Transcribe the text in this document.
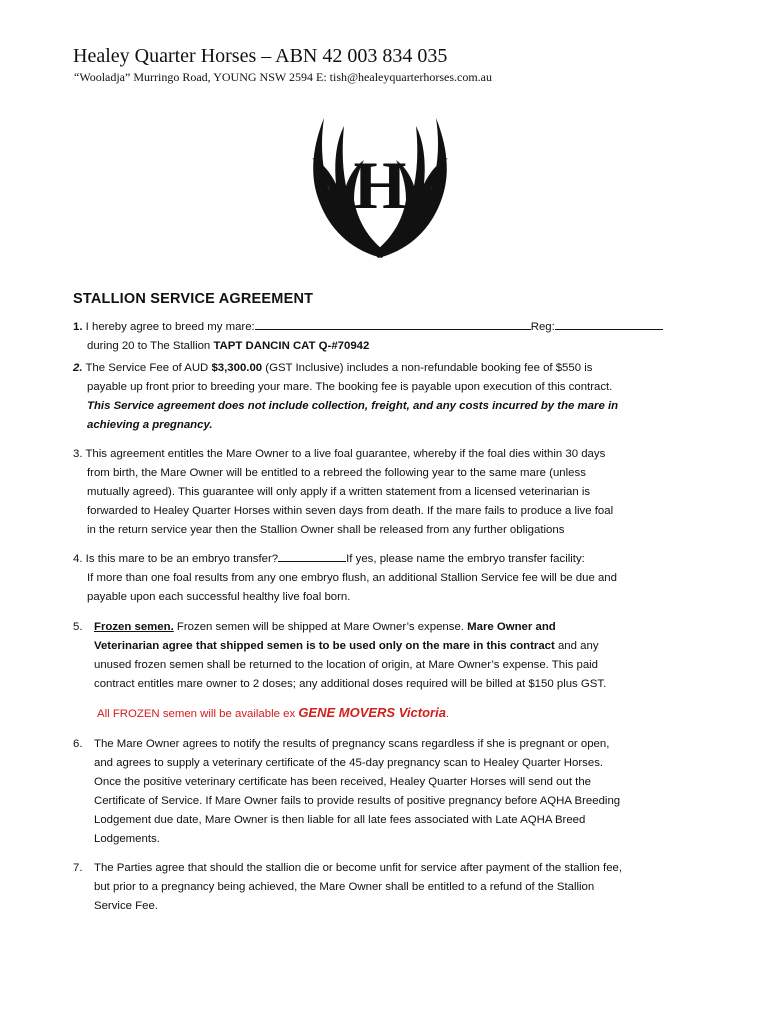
Healey Quarter Horses – ABN 42 003 834 035
“Wooladja” Murringo Road, YOUNG NSW 2594 E: tish@healeyquarterhorses.com.au
H
STALLION SERVICE AGREEMENT
1. I hereby agree to breed my mare:	Reg:
during 20 to The Stallion TAPT DANCIN CAT Q-#70942
2. The Service Fee of AUD $3,300.00 (GST Inclusive) includes a non-refundable booking fee of $550 is
payable up front prior to breeding your mare. The booking fee is payable upon execution of this contract.
This Service agreement does not include collection, freight, and any costs incurred by the mare in
achieving a pregnancy.
3. This agreement entitles the Mare Owner to a live foal guarantee, whereby if the foal dies within 30 days
from birth, the Mare Owner will be entitled to a rebreed the following year to the same mare (unless
mutually agreed). This guarantee will only apply if a written statement from a licensed veterinarian is
forwarded to Healey Quarter Horses within seven days from death. If the mare fails to produce a live foal
in the return service year then the Stallion Owner shall be released from any further obligations
4. Is this mare to be an embryo transfer?	If yes, please name the embryo transfer facility:
If more than one foal results from any one embryo flush, an additional Stallion Service fee will be due and
payable upon each successful healthy live foal born.
5. Frozen semen. Frozen semen will be shipped at Mare Owner’s expense. Mare Owner and
Veterinarian agree that shipped semen is to be used only on the mare in this contract and any
unused frozen semen shall be returned to the location of origin, at Mare Owner’s expense. This paid
contract entitles mare owner to 2 doses; any additional doses required will be billed at $150 plus GST.
All FROZEN semen will be available ex GENE MOVERS Victoria.
6. The Mare Owner agrees to notify the results of pregnancy scans regardless if she is pregnant or open,
and agrees to supply a veterinary certificate of the 45-day pregnancy scan to Healey Quarter Horses.
Once the positive veterinary certificate has been received, Healey Quarter Horses will send out the
Certificate of Service. If Mare Owner fails to provide results of positive pregnancy before AQHA Breeding
Lodgement due date, Mare Owner is then liable for all late fees associated with Late AQHA Breed
Lodgements.
7. The Parties agree that should the stallion die or become unfit for service after payment of the stallion fee,
but prior to a pregnancy being achieved, the Mare Owner shall be entitled to a refund of the Stallion
Service Fee.
